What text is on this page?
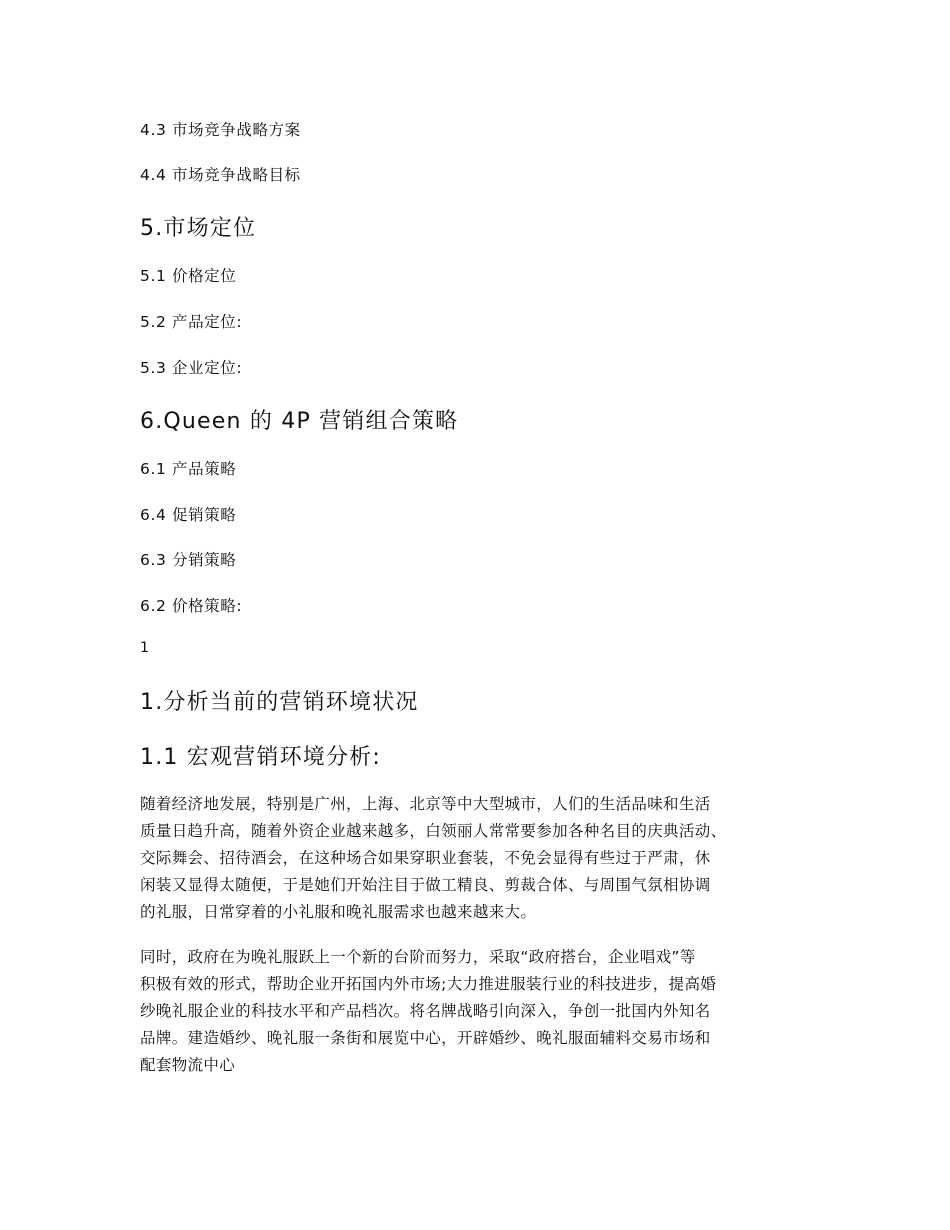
4.3 市场竞争战略方案

4.4 市场竞争战略目标

5.市场定位

5.1 价格定位

5.2 产品定位:

5.3 企业定位:

6.Queen 的 4P 营销组合策略

6.1 产品策略

6.4 促销策略

6.3 分销策略

6.2 价格策略:

1

1.分析当前的营销环境状况

1.1 宏观营销环境分析:

随着经济地发展，特别是广州，上海、北京等中大型城市，人们的生活品味和生活
质量日趋升高，随着外资企业越来越多，白领丽人常常要参加各种名目的庆典活动、
交际舞会、招待酒会，在这种场合如果穿职业套装，不免会显得有些过于严肃，休
闲装又显得太随便，于是她们开始注目于做工精良、剪裁合体、与周围气氛相协调
的礼服，日常穿着的小礼服和晚礼服需求也越来越来大。
同时，政府在为晚礼服跃上一个新的台阶而努力，采取“政府搭台，企业唱戏”等
积极有效的形式，帮助企业开拓国内外市场;大力推进服装行业的科技进步，提高婚
纱晚礼服企业的科技水平和产品档次。将名牌战略引向深入，争创一批国内外知名
品牌。建造婚纱、晚礼服一条街和展览中心，开辟婚纱、晚礼服面辅料交易市场和
配套物流中心
